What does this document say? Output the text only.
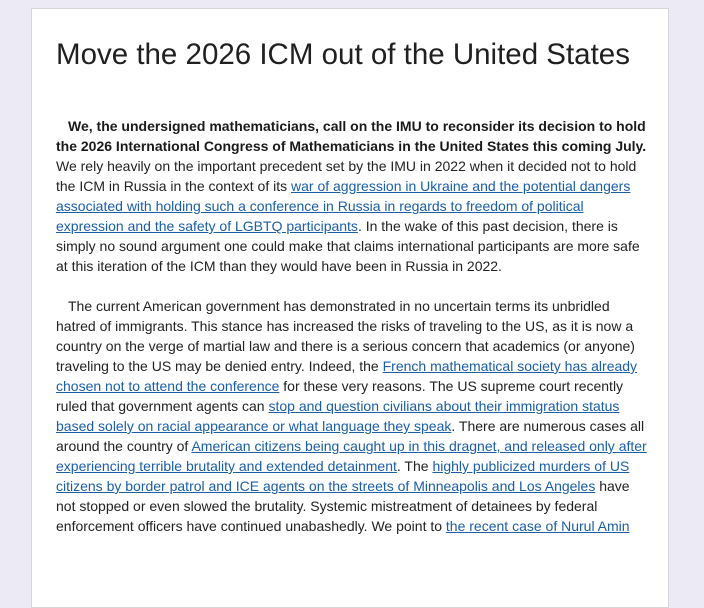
Move the 2026 ICM out of the United States

We, the undersigned mathematicians, call on the IMU to reconsider its decision to hold the 2026 International Congress of Mathematicians in the United States this coming July. We rely heavily on the important precedent set by the IMU in 2022 when it decided not to hold the ICM in Russia in the context of its war of aggression in Ukraine and the potential dangers associated with holding such a conference in Russia in regards to freedom of political expression and the safety of LGBTQ participants. In the wake of this past decision, there is simply no sound argument one could make that claims international participants are more safe at this iteration of the ICM than they would have been in Russia in 2022.

The current American government has demonstrated in no uncertain terms its unbridled hatred of immigrants. This stance has increased the risks of traveling to the US, as it is now a country on the verge of martial law and there is a serious concern that academics (or anyone) traveling to the US may be denied entry. Indeed, the French mathematical society has already chosen not to attend the conference for these very reasons. The US supreme court recently ruled that government agents can stop and question civilians about their immigration status based solely on racial appearance or what language they speak. There are numerous cases all around the country of American citizens being caught up in this dragnet, and released only after experiencing terrible brutality and extended detainment. The highly publicized murders of US citizens by border patrol and ICE agents on the streets of Minneapolis and Los Angeles have not stopped or even slowed the brutality. Systemic mistreatment of detainees by federal enforcement officers have continued unabashedly. We point to the recent case of Nurul Amin
